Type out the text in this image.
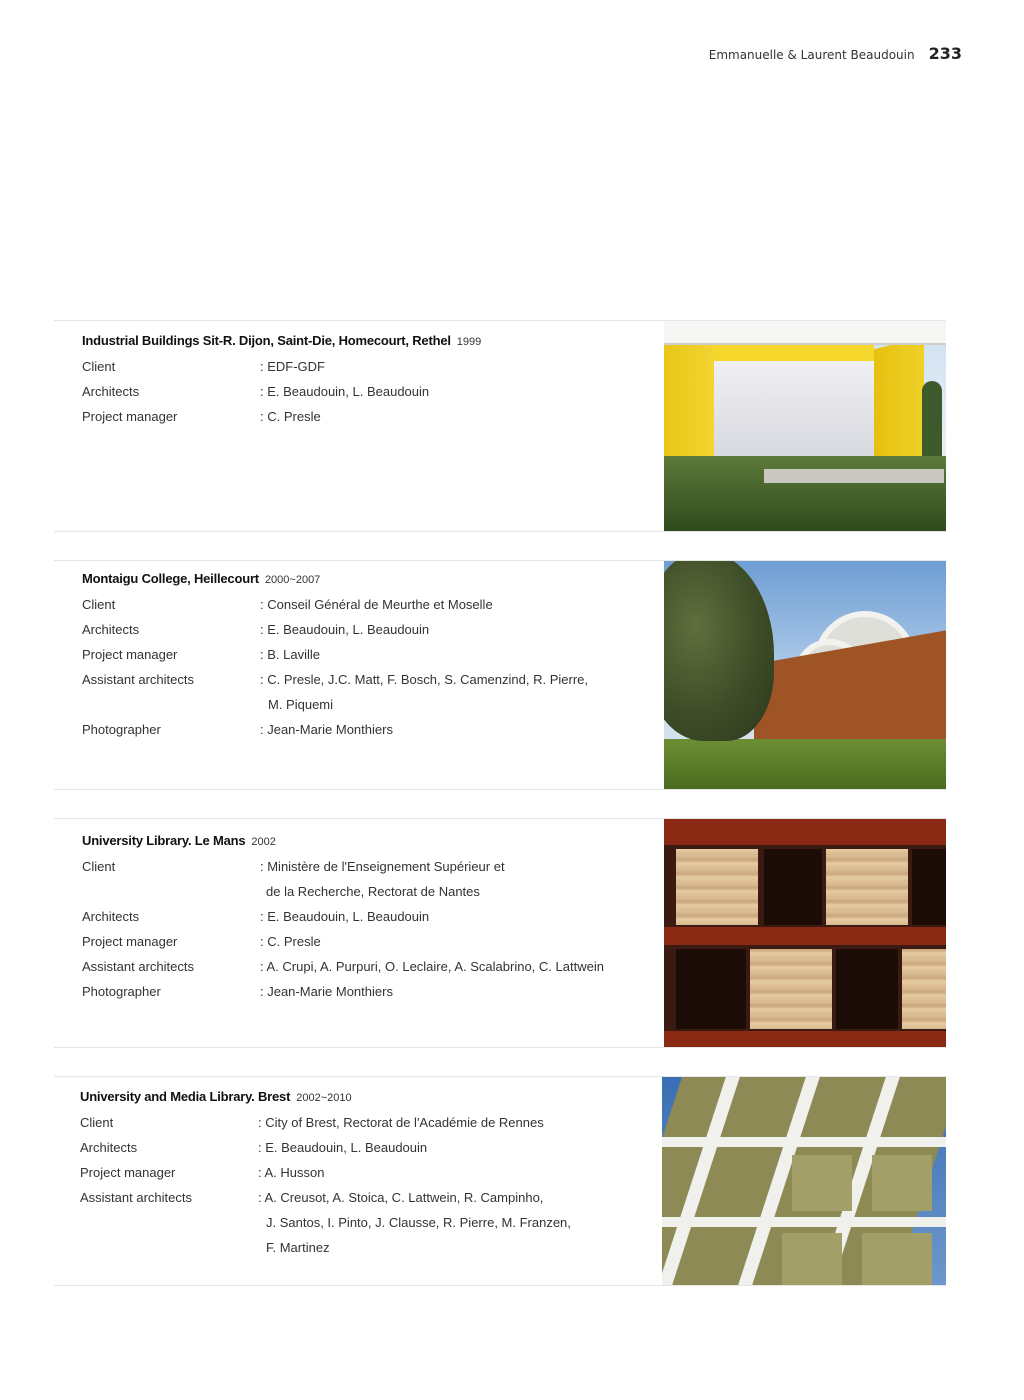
Emmanuelle & Laurent Beaudouin 233
Industrial Buildings Sit-R. Dijon, Saint-Die, Homecourt, Rethel 1999
Client	: EDF-GDF
Architects	: E. Beaudouin, L. Beaudouin
Project manager	: C. Presle
Montaigu College, Heillecourt 2000~2007
Client	: Conseil Général de Meurthe et Moselle
Architects	: E. Beaudouin, L. Beaudouin
Project manager	: B. Laville
Assistant architects	: C. Presle, J.C. Matt, F. Bosch, S. Camenzind, R. Pierre,
M. Piquemi
Photographer	: Jean-Marie Monthiers
University Library. Le Mans 2002
Client	: Ministère de l'Enseignement Supérieur et
de la Recherche, Rectorat de Nantes
Architects	: E. Beaudouin, L. Beaudouin
Project manager	: C. Presle
Assistant architects	: A. Crupi, A. Purpuri, O. Leclaire, A. Scalabrino, C. Lattwein
Photographer	: Jean-Marie Monthiers
University and Media Library. Brest 2002~2010
Client	: City of Brest, Rectorat de l'Académie de Rennes
Architects	: E. Beaudouin, L. Beaudouin
Project manager	: A. Husson
Assistant architects	: A. Creusot, A. Stoica, C. Lattwein, R. Campinho,
J. Santos, I. Pinto, J. Clausse, R. Pierre, M. Franzen,
F. Martinez
